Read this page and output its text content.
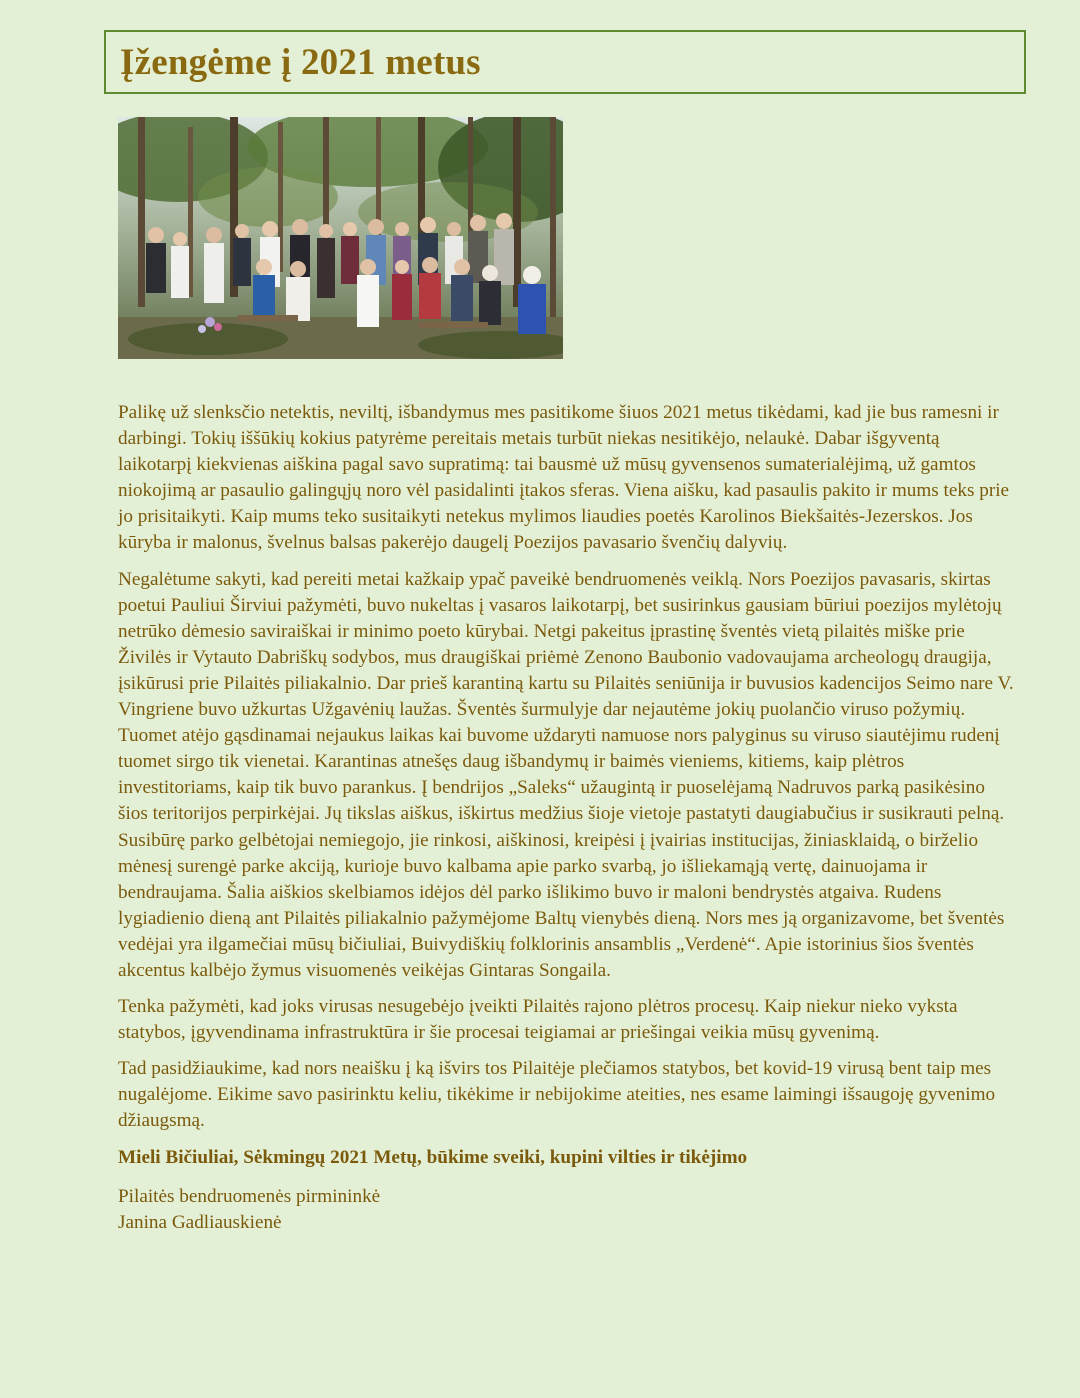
Įžengėme į 2021 metus

Palikę už slenksčio netektis, neviltį, išbandymus mes pasitikome šiuos 2021 metus tikėdami, kad jie bus ramesni ir darbingi. Tokių iššūkių kokius patyrėme pereitais metais turbūt niekas nesitikėjo, nelaukė. Dabar išgyventą laikotarpį kiekvienas aiškina pagal savo supratimą: tai bausmė už mūsų gyvensenos sumaterialėjimą, už gamtos niokojimą ar pasaulio galingųjų noro vėl pasidalinti įtakos sferas. Viena aišku, kad pasaulis pakito ir mums teks prie jo prisitaikyti. Kaip mums teko susitaikyti netekus mylimos liaudies poetės Karolinos Biekšaitės-Jezerskos. Jos kūryba ir malonus, švelnus balsas pakerėjo daugelį Poezijos pavasario švenčių dalyvių.

Negalėtume sakyti, kad pereiti metai kažkaip ypač paveikė bendruomenės veiklą. Nors Poezijos pavasaris, skirtas poetui Pauliui Širviui pažymėti, buvo nukeltas į vasaros laikotarpį, bet susirinkus gausiam būriui poezijos mylėtojų netrūko dėmesio saviraiškai ir minimo poeto kūrybai. Netgi pakeitus įprastinę šventės vietą pilaitės miške prie Živilės ir Vytauto Dabriškų sodybos, mus draugiškai priėmė Zenono Baubonio vadovaujama archeologų draugija, įsikūrusi prie Pilaitės piliakalnio. Dar prieš karantiną kartu su Pilaitės seniūnija ir buvusios kadencijos Seimo nare V. Vingriene buvo užkurtas Užgavėnių laužas. Šventės šurmulyje dar nejautėme jokių puolančio viruso požymių. Tuomet atėjo gąsdinamai nejaukus laikas kai buvome uždaryti namuose nors palyginus su viruso siautėjimu rudenį tuomet sirgo tik vienetai. Karantinas atnešęs daug išbandymų ir baimės vieniems, kitiems, kaip plėtros investitoriams, kaip tik buvo parankus. Į bendrijos „Saleks“ užaugintą ir puoselėjamą Nadruvos parką pasikėsino šios teritorijos perpirkėjai. Jų tikslas aiškus, iškirtus medžius šioje vietoje pastatyti daugiabučius ir susikrauti pelną. Susibūrę parko gelbėtojai nemiegojo, jie rinkosi, aiškinosi, kreipėsi į įvairias institucijas, žiniasklaidą, o birželio mėnesį surengė parke akciją, kurioje buvo kalbama apie parko svarbą, jo išliekamąją vertę, dainuojama ir bendraujama. Šalia aiškios skelbiamos idėjos dėl parko išlikimo buvo ir maloni bendrystės atgaiva. Rudens lygiadienio dieną ant Pilaitės piliakalnio pažymėjome Baltų vienybės dieną. Nors mes ją organizavome, bet šventės vedėjai yra ilgamečiai mūsų bičiuliai, Buivydiškių folklorinis ansamblis „Verdenė“. Apie istorinius šios šventės akcentus kalbėjo žymus visuomenės veikėjas Gintaras Songaila.

Tenka pažymėti, kad joks virusas nesugebėjo įveikti Pilaitės rajono plėtros procesų. Kaip niekur nieko vyksta statybos, įgyvendinama infrastruktūra ir šie procesai teigiamai ar priešingai veikia mūsų gyvenimą.

Tad pasidžiaukime, kad nors neaišku į ką išvirs tos Pilaitėje plečiamos statybos, bet kovid-19 virusą bent taip mes nugalėjome. Eikime savo pasirinktu keliu, tikėkime ir nebijokime ateities, nes esame laimingi išsaugoję gyvenimo džiaugsmą.

Mieli Bičiuliai, Sėkmingų 2021 Metų, būkime sveiki, kupini vilties ir tikėjimo

Pilaitės bendruomenės pirmininkė
Janina Gadliauskienė
